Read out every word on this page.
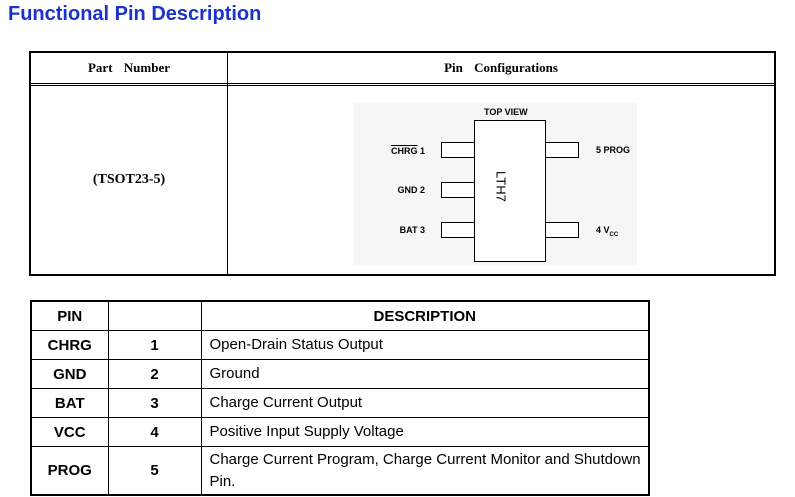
Functional Pin Description
Part Number	Pin Configurations
(TSOT23-5)
TOP VIEW
LTH7
CHRG 1
GND 2
BAT 3
5 PROG
4 $V_{CC}$
PIN		DESCRIPTION
CHRG	1	Open-Drain Status Output
GND	2	Ground
BAT	3	Charge Current Output
VCC	4	Positive Input Supply Voltage
PROG	5	Charge Current Program, Charge Current Monitor and Shutdown Pin.
